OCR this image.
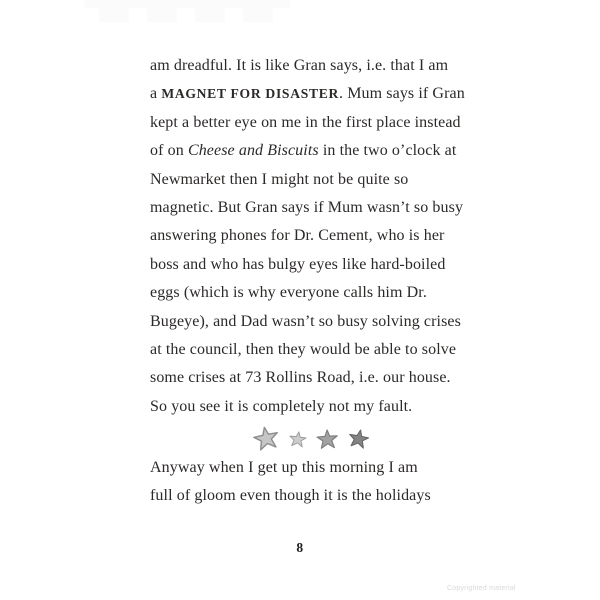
am dreadful. It is like Gran says, i.e. that I am
a MAGNET FOR DISASTER. Mum says if Gran
kept a better eye on me in the first place instead
of on Cheese and Biscuits in the two o’clock at
Newmarket then I might not be quite so
magnetic. But Gran says if Mum wasn’t so busy
answering phones for Dr. Cement, who is her
boss and who has bulgy eyes like hard-boiled
eggs (which is why everyone calls him Dr.
Bugeye), and Dad wasn’t so busy solving crises
at the council, then they would be able to solve
some crises at 73 Rollins Road, i.e. our house.
So you see it is completely not my fault.
Anyway when I get up this morning I am
full of gloom even though it is the holidays
8
Copyrighted material
